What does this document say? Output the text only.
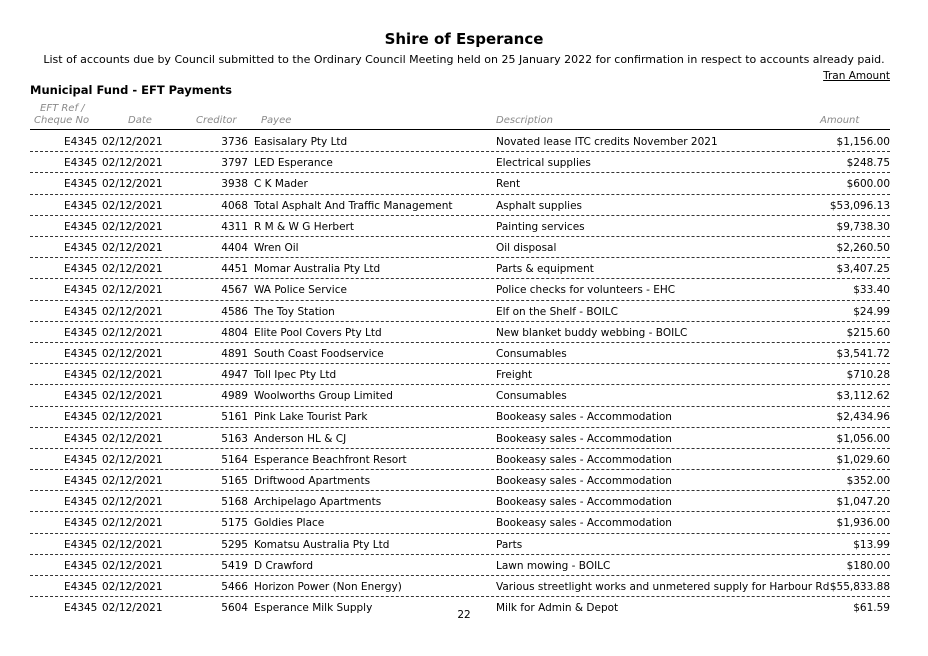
Shire of Esperance
List of accounts due by Council submitted to the Ordinary Council Meeting held on 25 January 2022 for confirmation in respect to accounts already paid.
Tran Amount
Municipal Fund - EFT Payments
EFT Ref /
Cheque No	Date	Creditor Payee	Description	Amount
E4345 02/12/2021	3736 Easisalary Pty Ltd	Novated lease ITC credits November 2021	$1,156.00
E4345 02/12/2021	3797 LED Esperance	Electrical supplies	$248.75
E4345 02/12/2021	3938 C K Mader	Rent	$600.00
E4345 02/12/2021	4068 Total Asphalt And Traffic Management	Asphalt supplies	$53,096.13
E4345 02/12/2021	4311 R M & W G Herbert	Painting services	$9,738.30
E4345 02/12/2021	4404 Wren Oil	Oil disposal	$2,260.50
E4345 02/12/2021	4451 Momar Australia Pty Ltd	Parts & equipment	$3,407.25
E4345 02/12/2021	4567 WA Police Service	Police checks for volunteers - EHC	$33.40
E4345 02/12/2021	4586 The Toy Station	Elf on the Shelf - BOILC	$24.99
E4345 02/12/2021	4804 Elite Pool Covers Pty Ltd	New blanket buddy webbing - BOILC	$215.60
E4345 02/12/2021	4891 South Coast Foodservice	Consumables	$3,541.72
E4345 02/12/2021	4947 Toll Ipec Pty Ltd	Freight	$710.28
E4345 02/12/2021	4989 Woolworths Group Limited	Consumables	$3,112.62
E4345 02/12/2021	5161 Pink Lake Tourist Park	Bookeasy sales - Accommodation	$2,434.96
E4345 02/12/2021	5163 Anderson HL & CJ	Bookeasy sales - Accommodation	$1,056.00
E4345 02/12/2021	5164 Esperance Beachfront Resort	Bookeasy sales - Accommodation	$1,029.60
E4345 02/12/2021	5165 Driftwood Apartments	Bookeasy sales - Accommodation	$352.00
E4345 02/12/2021	5168 Archipelago Apartments	Bookeasy sales - Accommodation	$1,047.20
E4345 02/12/2021	5175 Goldies Place	Bookeasy sales - Accommodation	$1,936.00
E4345 02/12/2021	5295 Komatsu Australia Pty Ltd	Parts	$13.99
E4345 02/12/2021	5419 D Crawford	Lawn mowing - BOILC	$180.00
E4345 02/12/2021	5466 Horizon Power (Non Energy)	Various streetlight works and unmetered supply for Harbour Rd $55,833.88
E4345 02/12/2021	5604 Esperance Milk Supply	Milk for Admin & Depot	$61.59
22
